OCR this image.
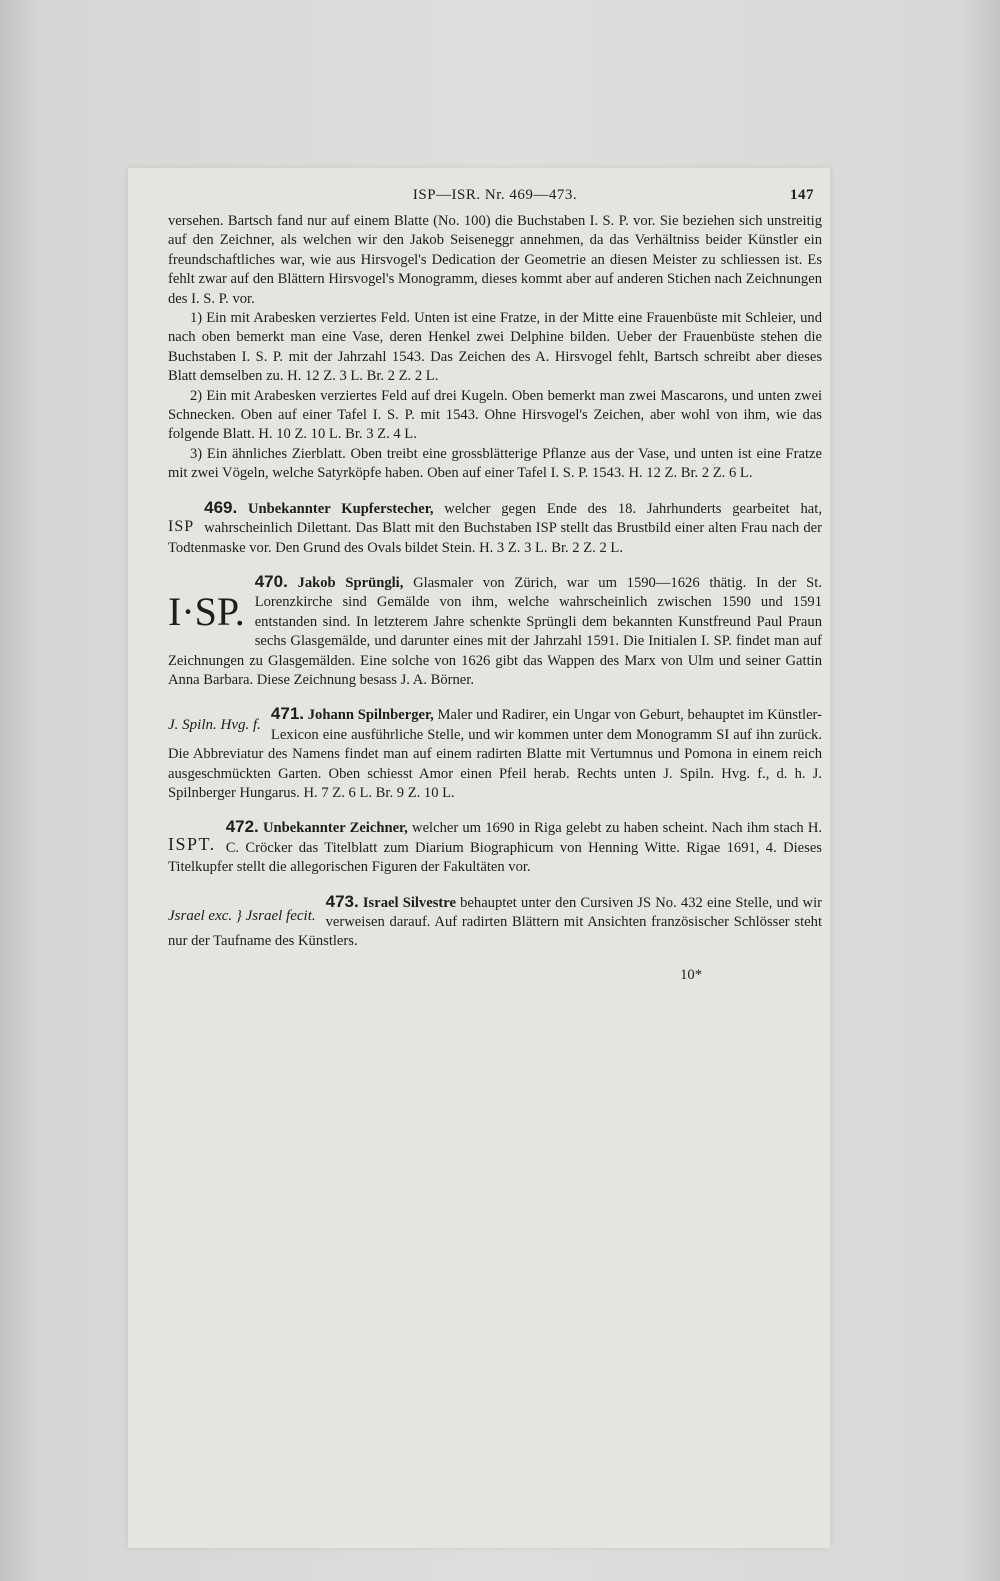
ISP—ISR. Nr. 469—473.	147

versehen. Bartsch fand nur auf einem Blatte (No. 100) die Buchstaben I. S. P. vor. Sie beziehen sich unstreitig auf den Zeichner, als welchen wir den Jakob Seiseneggr annehmen, da das Verhältniss beider Künstler ein freundschaftliches war, wie aus Hirsvogel's Dedication der Geometrie an diesen Meister zu schliessen ist. Es fehlt zwar auf den Blättern Hirsvogel's Monogramm, dieses kommt aber auf anderen Stichen nach Zeichnungen des I. S. P. vor.

1) Ein mit Arabesken verziertes Feld. Unten ist eine Fratze, in der Mitte eine Frauenbüste mit Schleier, und nach oben bemerkt man eine Vase, deren Henkel zwei Delphine bilden. Ueber der Frauenbüste stehen die Buchstaben I. S. P. mit der Jahrzahl 1543. Das Zeichen des A. Hirsvogel fehlt, Bartsch schreibt aber dieses Blatt demselben zu. H. 12 Z. 3 L. Br. 2 Z. 2 L.

2) Ein mit Arabesken verziertes Feld auf drei Kugeln. Oben bemerkt man zwei Mascarons, und unten zwei Schnecken. Oben auf einer Tafel I. S. P. mit 1543. Ohne Hirsvogel's Zeichen, aber wohl von ihm, wie das folgende Blatt. H. 10 Z. 10 L. Br. 3 Z. 4 L.

3) Ein ähnliches Zierblatt. Oben treibt eine grossblätterige Pflanze aus der Vase, und unten ist eine Fratze mit zwei Vögeln, welche Satyrköpfe haben. Oben auf einer Tafel I. S. P. 1543. H. 12 Z. Br. 2 Z. 6 L.

ISP

469. Unbekannter Kupferstecher, welcher gegen Ende des 18. Jahrhunderts gearbeitet hat, wahrscheinlich Dilettant. Das Blatt mit den Buchstaben ISP stellt das Brustbild einer alten Frau nach der Todtenmaske vor. Den Grund des Ovals bildet Stein. H. 3 Z. 3 L. Br. 2 Z. 2 L.

I·SP.

470. Jakob Sprüngli, Glasmaler von Zürich, war um 1590—1626 thätig. In der St. Lorenzkirche sind Gemälde von ihm, welche wahrscheinlich zwischen 1590 und 1591 entstanden sind. In letzterem Jahre schenkte Sprüngli dem bekannten Kunstfreund Paul Praun sechs Glasgemälde, und darunter eines mit der Jahrzahl 1591. Die Initialen I. SP. findet man auf Zeichnungen zu Glasgemälden. Eine solche von 1626 gibt das Wappen des Marx von Ulm und seiner Gattin Anna Barbara. Diese Zeichnung besass J. A. Börner.

J. Spiln. Hvg. f.

471. Johann Spilnberger, Maler und Radirer, ein Ungar von Geburt, behauptet im Künstler-Lexicon eine ausführliche Stelle, und wir kommen unter dem Monogramm SI auf ihn zurück. Die Abbreviatur des Namens findet man auf einem radirten Blatte mit Vertumnus und Pomona in einem reich ausgeschmückten Garten. Oben schiesst Amor einen Pfeil herab. Rechts unten J. Spiln. Hvg. f., d. h. J. Spilnberger Hungarus. H. 7 Z. 6 L. Br. 9 Z. 10 L.

ISPT.

472. Unbekannter Zeichner, welcher um 1690 in Riga gelebt zu haben scheint. Nach ihm stach H. C. Cröcker das Titelblatt zum Diarium Biographicum von Henning Witte. Rigae 1691, 4. Dieses Titelkupfer stellt die allegorischen Figuren der Fakultäten vor.

Jsrael exc. } Jsrael fecit.

473. Israel Silvestre behauptet unter den Cursiven JS No. 432 eine Stelle, und wir verweisen darauf. Auf radirten Blättern mit Ansichten französischer Schlösser steht nur der Taufname des Künstlers.

10*
